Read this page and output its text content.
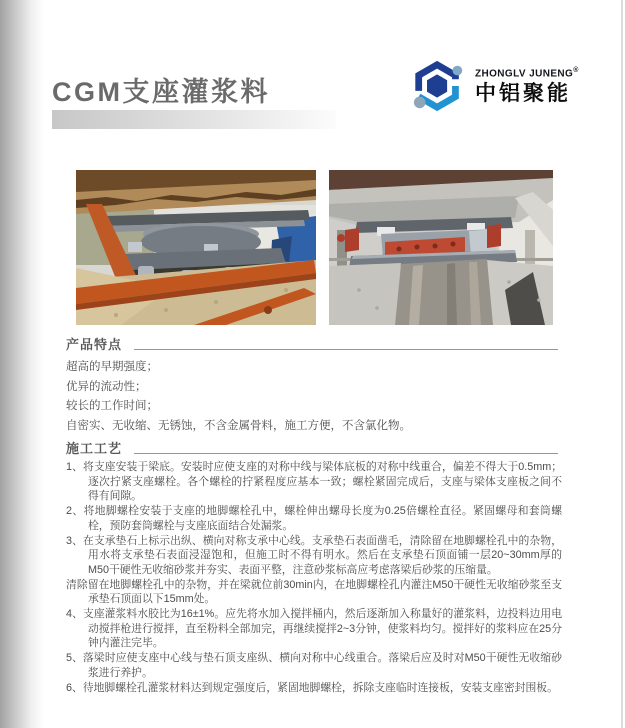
CGM支座灌浆料
ZHONGLV JUNENG®
中铝聚能
产品特点
超高的早期强度；
优异的流动性；
较长的工作时间；
自密实、无收缩、无锈蚀，不含金属骨料，施工方便，不含氯化物。
施工工艺
1、将支座安装于梁底。安装时应使支座的对称中线与梁体底板的对称中线重合，偏差不得大于0.5mm；逐次拧紧支座螺栓。各个螺栓的拧紧程度应基本一致；螺栓紧固完成后，支座与梁体支座板之间不得有间隙。
2、将地脚螺栓安装于支座的地脚螺栓孔中，螺栓伸出螺母长度为0.25倍螺栓直径。紧固螺母和套筒螺栓，预防套筒螺栓与支座底面结合处漏浆。
3、在支承垫石上标示出纵、横向对称支承中心线。支承垫石表面凿毛，清除留在地脚螺栓孔中的杂物，用水将支承垫石表面浸湿饱和，但施工时不得有明水。然后在支承垫石顶面铺一层20~30mm厚的M50干硬性无收缩砂浆并夯实、表面平整，注意砂浆标高应考虑落梁后砂浆的压缩量。
清除留在地脚螺栓孔中的杂物，并在梁就位前30min内，在地脚螺栓孔内灌注M50干硬性无收缩砂浆至支承垫石顶面以下15mm处。
4、支座灌浆料水胶比为16±1%。应先将水加入搅拌桶内，然后逐渐加入称量好的灌浆料，边投料边用电动搅拌枪进行搅拌，直至粉料全部加完，再继续搅拌2~3分钟，使浆料均匀。搅拌好的浆料应在25分钟内灌注完毕。
5、落梁时应使支座中心线与垫石顶支座纵、横向对称中心线重合。落梁后应及时对M50干硬性无收缩砂浆进行养护。
6、待地脚螺栓孔灌浆材料达到规定强度后，紧固地脚螺栓，拆除支座临时连接板，安装支座密封围板。
